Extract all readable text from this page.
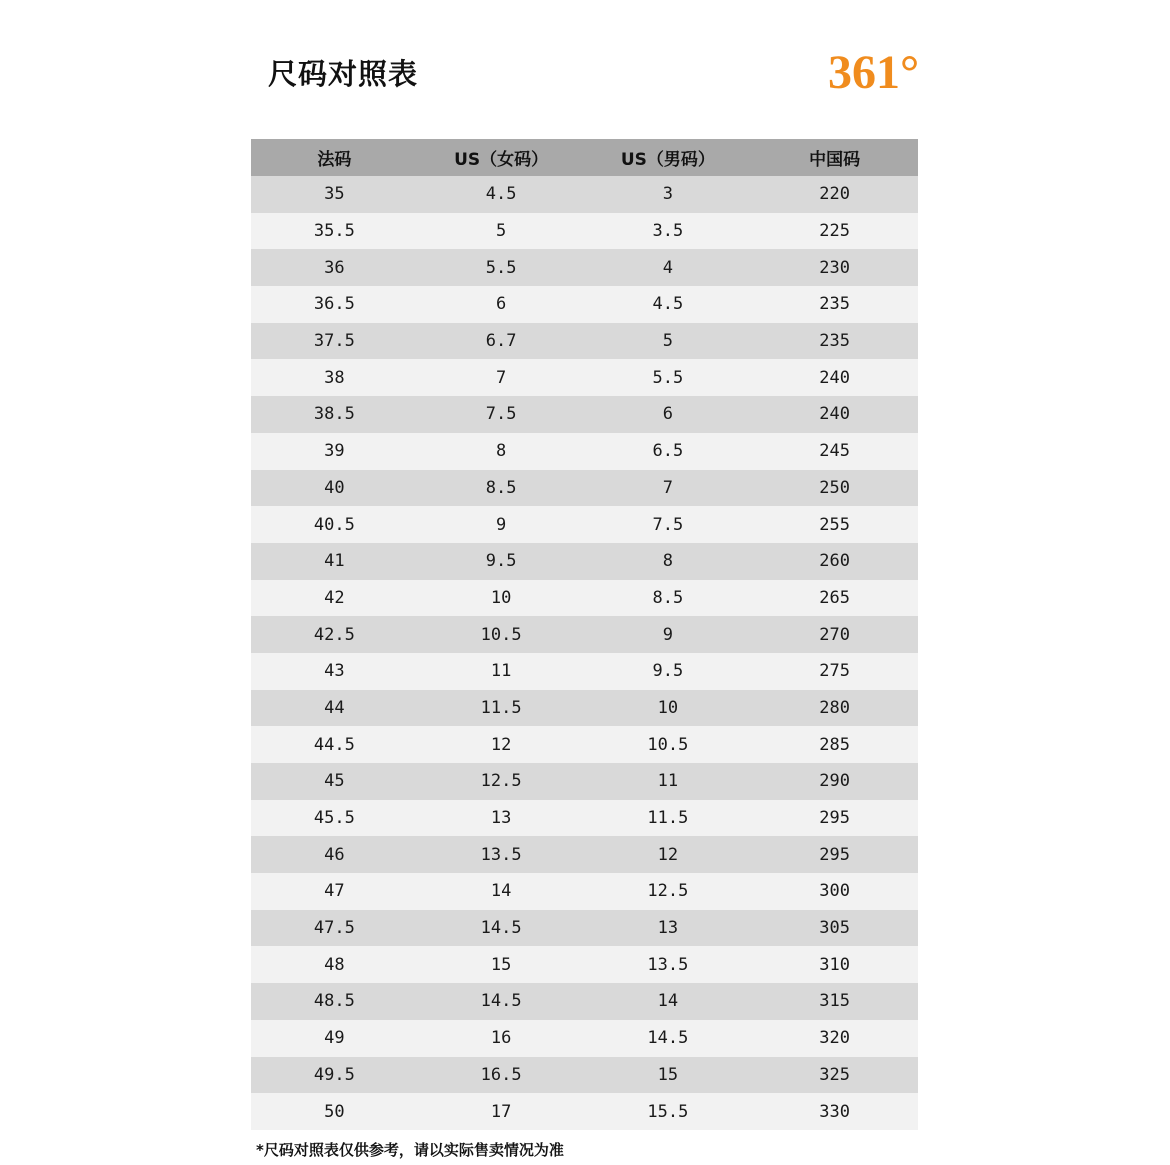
尺码对照表	361°
法码	US（女码）	US（男码）	中国码
35	4.5	3	220
35.5	5	3.5	225
36	5.5	4	230
36.5	6	4.5	235
37.5	6.7	5	235
38	7	5.5	240
38.5	7.5	6	240
39	8	6.5	245
40	8.5	7	250
40.5	9	7.5	255
41	9.5	8	260
42	10	8.5	265
42.5	10.5	9	270
43	11	9.5	275
44	11.5	10	280
44.5	12	10.5	285
45	12.5	11	290
45.5	13	11.5	295
46	13.5	12	295
47	14	12.5	300
47.5	14.5	13	305
48	15	13.5	310
48.5	14.5	14	315
49	16	14.5	320
49.5	16.5	15	325
50	17	15.5	330
*尺码对照表仅供参考，请以实际售卖情况为准
